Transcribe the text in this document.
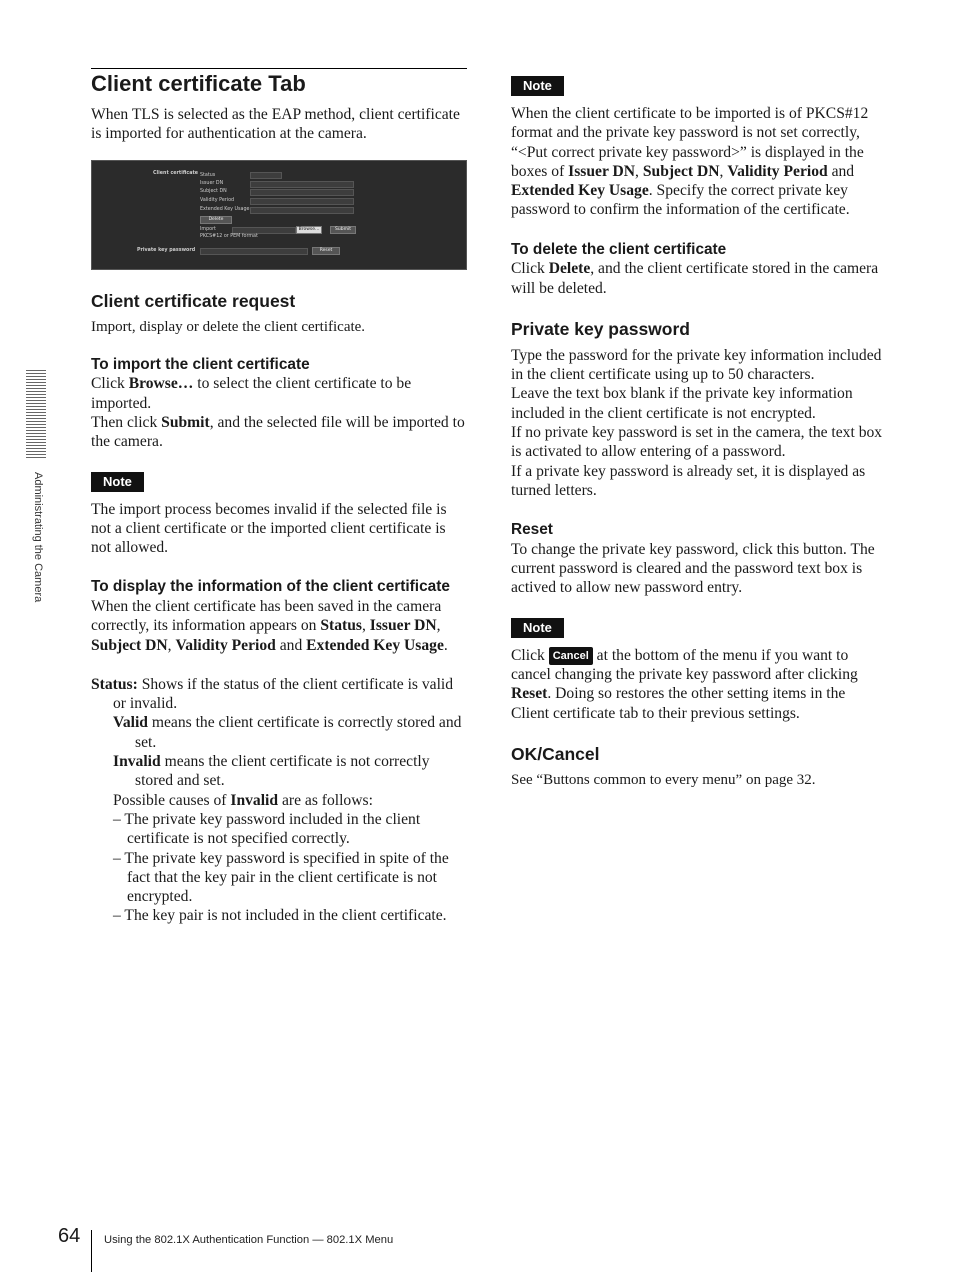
Administrating the Camera
Client certificate Tab

When TLS is selected as the EAP method, client certificate is imported for authentication at the camera.

Client certificate Status
Issuer DN
Subject DN
Validity Period
Extended Key Usage
Delete
Import	Browse...	Submit
PKCS#12 or PEM format
Private key password	Reset
Client certificate request

Import, display or delete the client certificate.

To import the client certificate

Click Browse… to select the client certificate to be imported.
Then click Submit, and the selected file will be imported to the camera.

Note

The import process becomes invalid if the selected file is not a client certificate or the imported client certificate is not allowed.

To display the information of the client certificate

When the client certificate has been saved in the camera correctly, its information appears on Status, Issuer DN, Subject DN, Validity Period and Extended Key Usage.

Status: Shows if the status of the client certificate is valid or invalid.

Valid means the client certificate is correctly stored and set.

Invalid means the client certificate is not correctly stored and set.

Possible causes of Invalid are as follows:

– The private key password included in the client certificate is not specified correctly.

– The private key password is specified in spite of the fact that the key pair in the client certificate is not encrypted.

– The key pair is not included in the client certificate.

Note

When the client certificate to be imported is of PKCS#12 format and the private key password is not set correctly, “<Put correct private key password>” is displayed in the boxes of Issuer DN, Subject DN, Validity Period and Extended Key Usage. Specify the correct private key password to confirm the information of the certificate.

To delete the client certificate

Click Delete, and the client certificate stored in the camera will be deleted.

Private key password

Type the password for the private key information included in the client certificate using up to 50 characters.

Leave the text box blank if the private key information included in the client certificate is not encrypted.

If no private key password is set in the camera, the text box is activated to allow entering of a password.

If a private key password is already set, it is displayed as turned letters.

Reset

To change the private key password, click this button. The current password is cleared and the password text box is actived to allow new password entry.

Note

Click Cancel at the bottom of the menu if you want to cancel changing the private key password after clicking Reset. Doing so restores the other setting items in the Client certificate tab to their previous settings.

OK/Cancel

See “Buttons common to every menu” on page 32.

64 Using the 802.1X Authentication Function — 802.1X Menu
